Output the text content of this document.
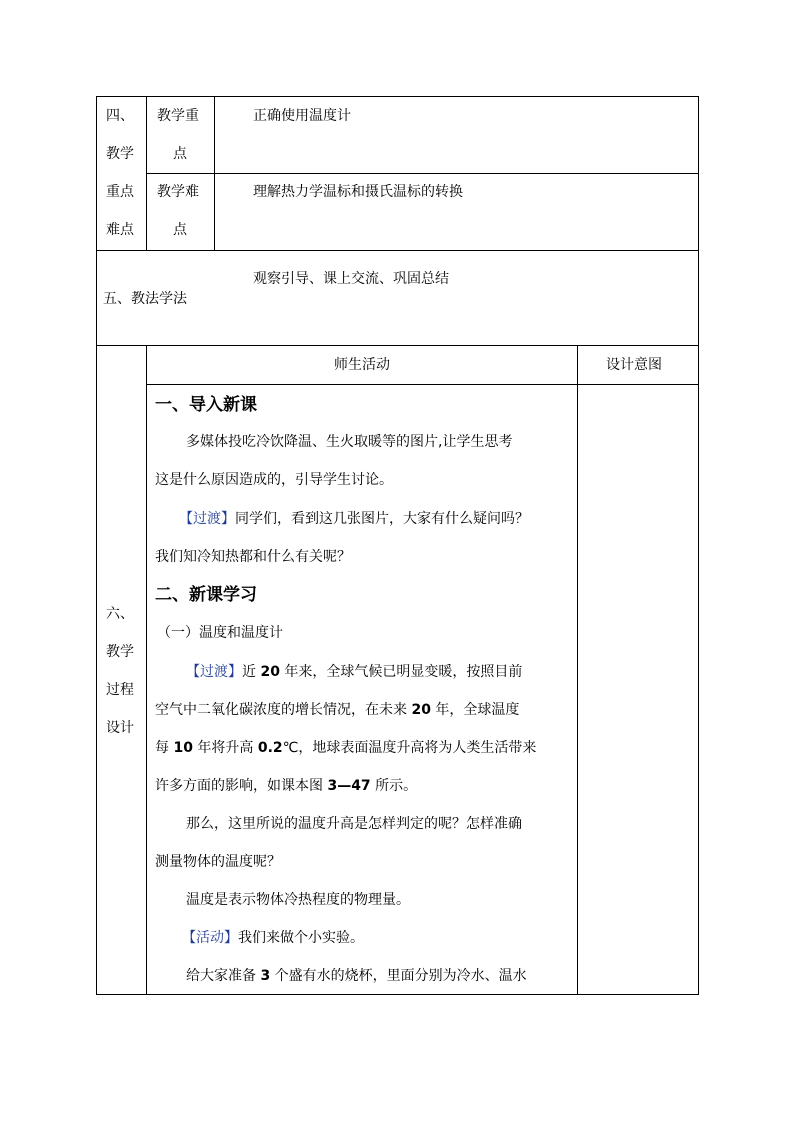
四、
教学
重点
难点
教学重
点
正确使用温度计
教学难
点
理解热力学温标和摄氏温标的转换
五、教法学法
观察引导、课上交流、巩固总结
六、
教学
过程
设计
师生活动	设计意图
一、导入新课
多媒体投吃冷饮降温、生火取暖等的图片,让学生思考
这是什么原因造成的，引导学生讨论。
【过渡】同学们，看到这几张图片，大家有什么疑问吗？
我们知冷知热都和什么有关呢？
二、新课学习
（一）温度和温度计
【过渡】近 20 年来，全球气候已明显变暖，按照目前
空气中二氧化碳浓度的增长情况，在未来 20 年，全球温度
每 10 年将升高 0.2℃，地球表面温度升高将为人类生活带来
许多方面的影响，如课本图 3—47 所示。
那么，这里所说的温度升高是怎样判定的呢？怎样准确
测量物体的温度呢？
温度是表示物体冷热程度的物理量。
【活动】我们来做个小实验。
给大家准备 3 个盛有水的烧杯，里面分别为冷水、温水
